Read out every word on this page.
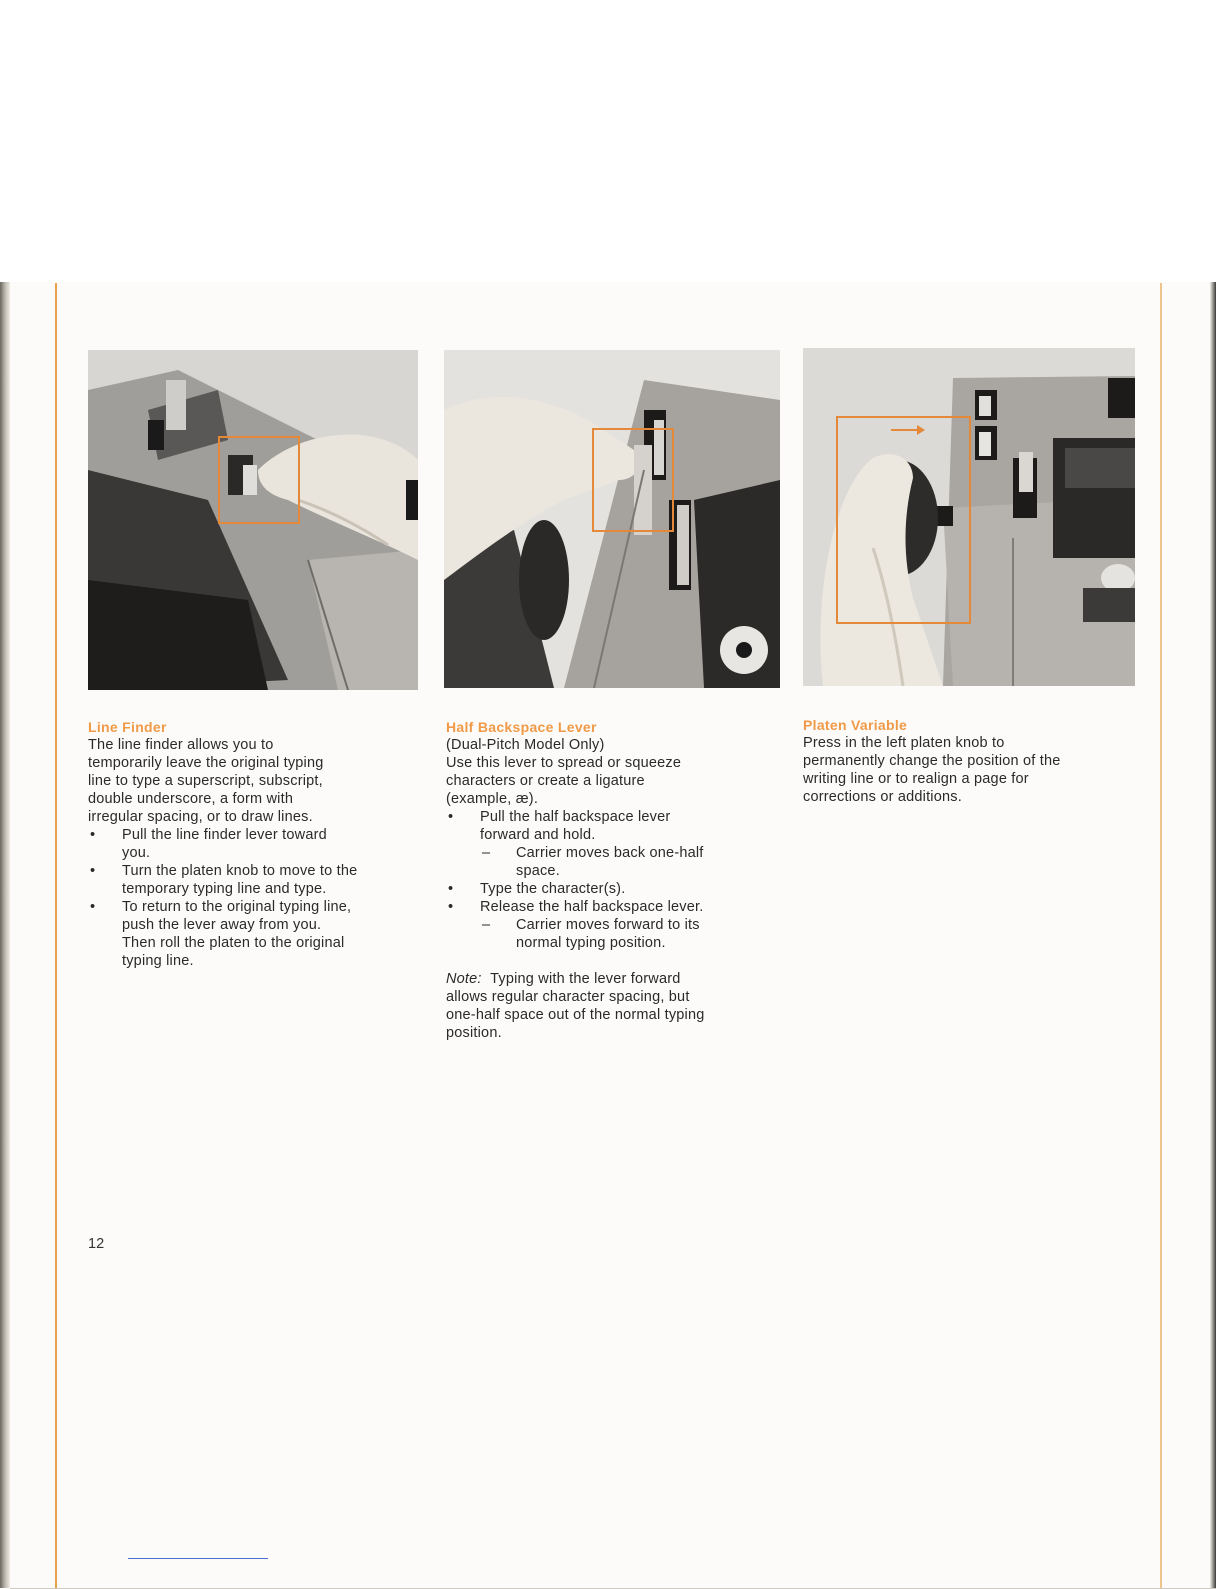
Line Finder
The line finder allows you to
temporarily leave the original typing
line to type a superscript, subscript,
double underscore, a form with
irregular spacing, or to draw lines.
• Pull the line finder lever toward
you.
• Turn the platen knob to move to the
temporary typing line and type.
• To return to the original typing line,
push the lever away from you.
Then roll the platen to the original
typing line.
Half Backspace Lever
(Dual-Pitch Model Only)
Use this lever to spread or squeeze
characters or create a ligature
(example, æ).
• Pull the half backspace lever
forward and hold.
– Carrier moves back one-half
space.
• Type the character(s).
• Release the half backspace lever.
– Carrier moves forward to its
normal typing position.
Note: Typing with the lever forward
allows regular character spacing, but
one-half space out of the normal typing
position.
Platen Variable
Press in the left platen knob to
permanently change the position of the
writing line or to realign a page for
corrections or additions.
12
